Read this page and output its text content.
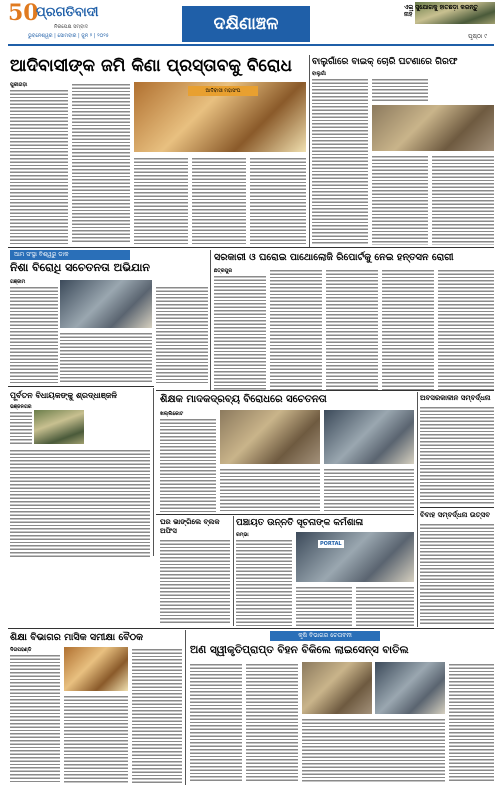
50
ପ୍ରଗତିବାଦୀ
ନିରପେକ୍ଷ ସମ୍ବାଦ
ଭୁବନେଶ୍ୱର | ସୋମବାର | ଜୁନ ୨ | ୨୦୨୫
ଦକ୍ଷିଣାଞ୍ଚଳ
ଏଇ ସୁଯୋଗକୁ ହାତଛଡ଼ା କରନ୍ତୁ ନାହିଁ
ପୃଷ୍ଠା ୯
ଆଦିବାସୀଙ୍କ ଜମି କିଣା ପ୍ରସ୍ତାବକୁ ବିରୋଧ
ପୁରୀଗଡ଼ା
ଆଦିବାସୀ ମହାସଂଘ
ବାଲୁଗାଁରେ ବାଇକ୍ ଚୋରି ଘଟଣାରେ ଗିରଫ
ବାଲୁଗାଁ
ଆମ ସଂସ୍ଥା ବିଶ୍ୱରୁ ଡାକ
ନିଶା ବିରୋଧି ସଚେତନତା ଅଭିଯାନ
ଗଞ୍ଜାମ
ସରକାରୀ ଓ ଘରୋଇ ପାଥୋଲୋଜି ରିପୋର୍ଟକୁ ନେଇ ହନ୍ତସନ ରୋଗୀ
ଛତ୍ରପୁର
ଶିକ୍ଷକ ମାଦକଦ୍ରବ୍ୟ ବିରୋଧରେ ସଚେତନତା
ଖଲ୍ଲିକୋଟ
ଅବସରକାଳୀନ ସମ୍ବର୍ଦ୍ଧନା
ବିବାହ ସମ୍ବର୍ଦ୍ଧନା ଉତ୍ସବ
ପୂର୍ବତନ ବିଧାୟକଙ୍କୁ ଶ୍ରଦ୍ଧାଞ୍ଜଳି
ଭଞ୍ଜନଗର
ଘର ଭାଙ୍ଗିଲେ ବ୍ଲକ ଅଫିସ
ପଞ୍ଚାୟତ ଉନ୍ନତି ସୂଚନାଙ୍କ କର୍ମଶାଳା
ରମ୍ଭା
PORTAL
ଶିକ୍ଷା ବିଭାଗର ମାସିକ ସମୀକ୍ଷା ବୈଠକ
ଦିଗପହଣ୍ଡି
କୃଷି ବିଭାଗର ଚେତାବନୀ
ଅଣ ସ୍ୱୀକୃତିପ୍ରାପ୍ତ ବିହନ ବିକିଲେ ଲାଇସେନ୍ସ ବାତିଲ
